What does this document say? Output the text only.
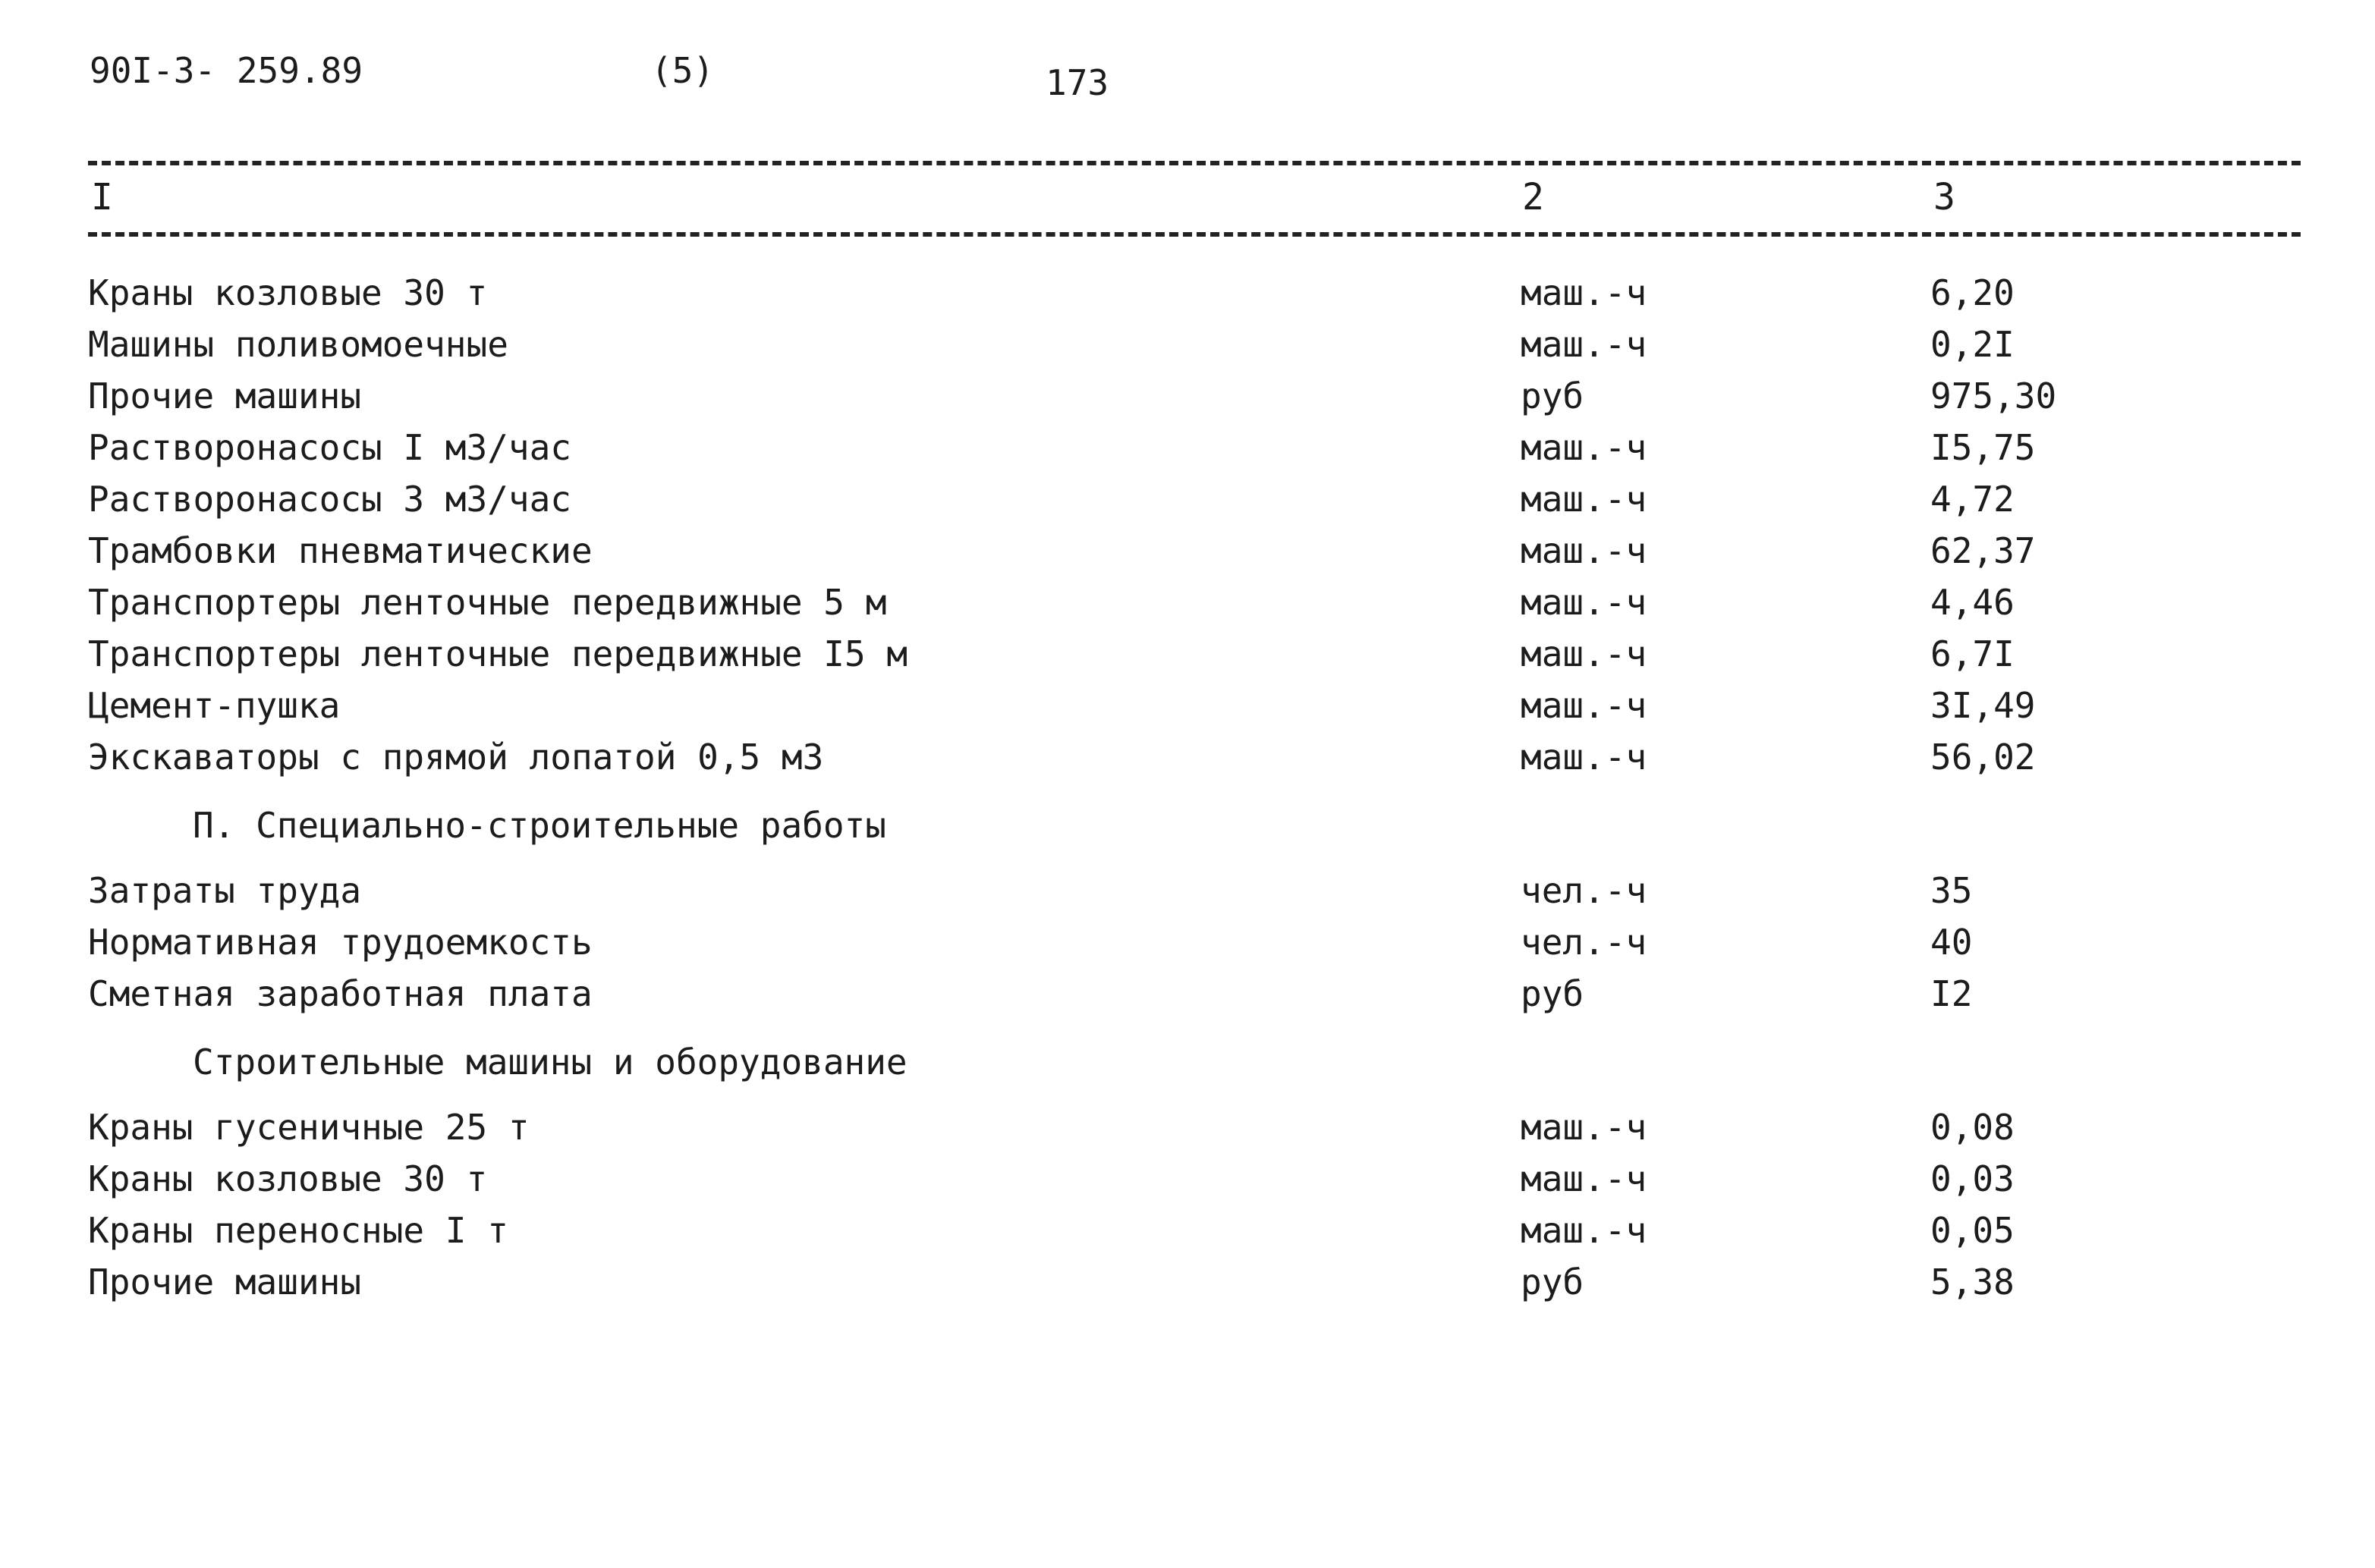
90I-3- 259.89	(5)	173
I	2	3
Краны козловые 30 т	маш.-ч	6,20
Машины поливомоечные	маш.-ч	0,2I
Прочие машины	руб	975,30
Растворонасосы I м3/час	маш.-ч	I5,75
Растворонасосы 3 м3/час	маш.-ч	4,72
Трамбовки пневматические	маш.-ч	62,37
Транспортеры ленточные передвижные 5 м	маш.-ч	4,46
Транспортеры ленточные передвижные I5 м	маш.-ч	6,7I
Цемент-пушка	маш.-ч	3I,49
Экскаваторы с прямой лопатой 0,5 м3	маш.-ч	56,02
П. Специально-строительные работы
Затраты труда	чел.-ч	35
Нормативная трудоемкость	чел.-ч	40
Сметная заработная плата	руб	I2
Строительные машины и оборудование
Краны гусеничные 25 т	маш.-ч	0,08
Краны козловые 30 т	маш.-ч	0,03
Краны переносные I т	маш.-ч	0,05
Прочие машины	руб	5,38
